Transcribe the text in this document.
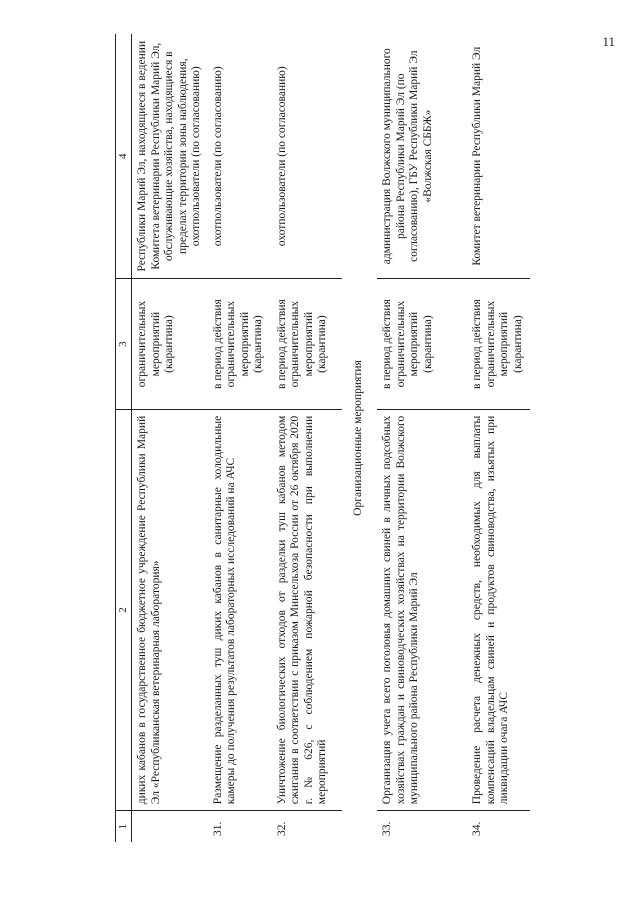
11
1	2	3	4
	диких кабанов в государственное бюджетное учреждение Республики Марий Эл «Республиканская ветеринарная лаборатория»	ограничительных мероприятий (карантина)	Республики Марий Эл, находящиеся в ведении Комитета ветеринарии Республики Марий Эл, обслуживающие хозяйства, находящиеся в пределах территории зоны наблюдения, охотпользователи (по согласованию)
31.	Размещение разделанных туш диких кабанов в санитарные холодильные камеры до получения результатов лабораторных исследований на АЧС	в период действия ограничительных мероприятий (карантина)	охотпользователи (по согласованию)
32.	Уничтожение биологических отходов от разделки туш кабанов методом сжигания в соответствии с приказом Минсельхоза России от 26 октября 2020 г. № 626, с соблюдением пожарной безопасности при выполнении мероприятий	в период действия ограничительных мероприятий (карантина)	охотпользователи (по согласованию)
Организационные мероприятия			
33.	Организация учета всего поголовья домашних свиней в личных подсобных хозяйствах граждан и свиноводческих хозяйствах на территории Волжского муниципального района Республики Марий Эл	в период действия ограничительных мероприятий (карантина)	администрация Волжского муниципального района Республики Марий Эл (по согласованию), ГБУ Республики Марий Эл «Волжская СББЖ»
34.	Проведение расчета денежных средств, необходимых для выплаты компенсаций владельцам свиней и продуктов свиноводства, изъятых при ликвидации очага АЧС	в период действия ограничительных мероприятий (карантина)	Комитет ветеринарии Республики Марий Эл
